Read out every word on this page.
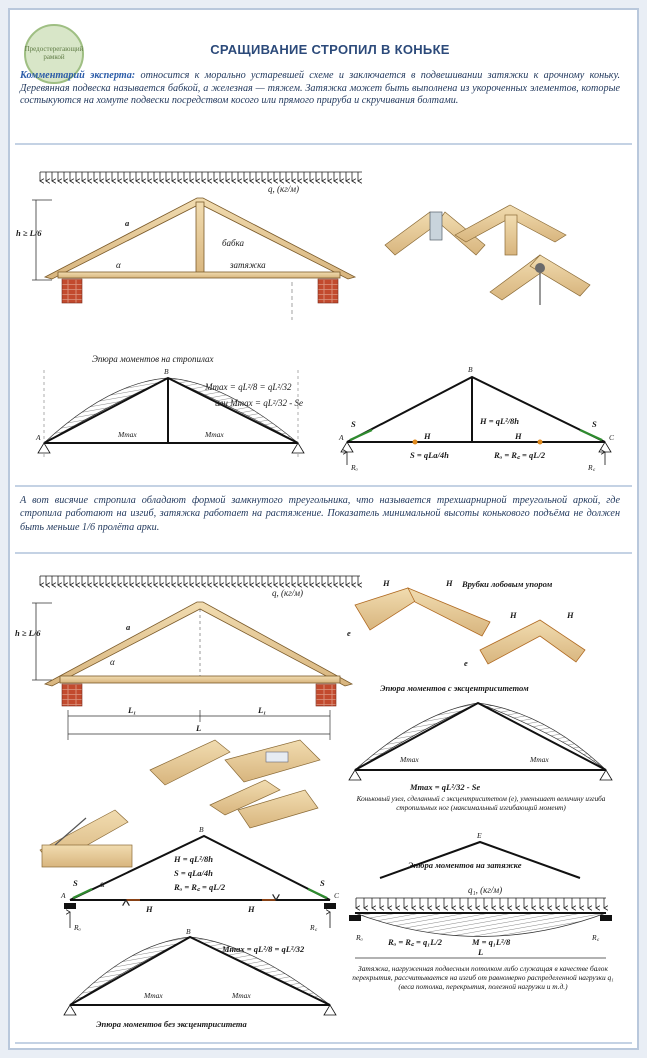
Предостерегающий рамкой	СРАЩИВАНИЕ СТРОПИЛ В КОНЬКЕ
Комментарий эксперта: относится к морально устаревшей схеме и заключается в подвешивании затяжки к арочному коньку. Деревянная подвеска называется бабкой, а железная — тяжем. Затяжка может быть выполнена из укороченных элементов, которые состыкуются на хомуте подвески посредством косого или прямого прируба и скручивания болтами.
А вот висячие стропила обладают формой замкнутого треугольника, что называется трехшарнирной треугольной аркой, где стропила работают на изгиб, затяжка работает на растяжение. Показатель минимальной высоты конькового подъёма не должен быть меньше 1/6 пролёта арки.
q, (кг/м)
h ≥ L/6
a
α
бабка
затяжка
Эпюра моментов на стропилах
A
B
Mmax	Mmax
Mmax = qL²/8 = qL²/32
или Mmax = qL²/32 - Se
B
A	C
S	S
H	H
H = qL²/8h
S = qLa/4h	Rₐ = R꜀ = qL/2
Rₐ	R꜀
q, (кг/м)
h ≥ L/6
a
α
L₁	L₁
L
Врубки лобовым упором
H	H
H	H
e
e
Эпюра моментов с эксцентриситетом
Mmax	Mmax
Mmax = qL²/32 - Se
Коньковый узел, сделанный с эксцентриситетом (e), уменьшает величину изгиба стропильных ног (максимальный изгибающий момент)
B
A	C
S	S
α
H	H
H = qL²/8h
S = qLa/4h
Rₐ = R꜀ = qL/2
Rₐ	R꜀
E
Эпюра моментов на затяжке
q₁, (кг/м)
Rₐ	R꜀
Rₐ = R꜀ = q₁L/2	M = q₁L²/8
L
Затяжка, нагруженная подвесным потолком либо служащая в качестве балок перекрытия, рассчитывается на изгиб от равномерно распределенной нагрузки q₁ (веса потолка, перекрытия, полезной нагрузки и т.д.)
B
Mmax = qL²/8 = qL²/32
Mmax	Mmax
Эпюра моментов без эксцентриситета
